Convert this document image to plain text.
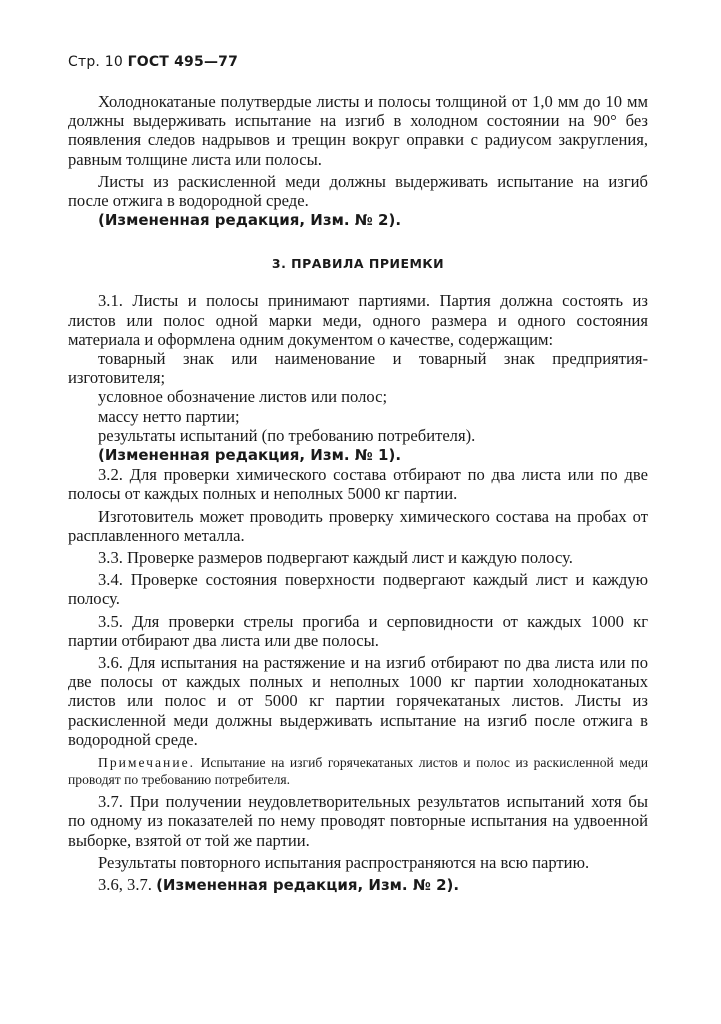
Стр. 10 ГОСТ 495—77

Холоднокатаные полутвердые листы и полосы толщиной от 1,0 мм до 10 мм должны выдерживать испытание на изгиб в холодном состоянии на 90° без появления следов надрывов и трещин вокруг оправки с радиусом закругления, равным толщине листа или полосы.

Листы из раскисленной меди должны выдерживать испытание на изгиб после отжига в водородной среде.

(Измененная редакция, Изм. № 2).

3. ПРАВИЛА ПРИЕМКИ

3.1. Листы и полосы принимают партиями. Партия должна состоять из листов или полос одной марки меди, одного размера и одного состояния материала и оформлена одним документом о качестве, содержащим:

товарный знак или наименование и товарный знак предприятия-изготовителя;

условное обозначение листов или полос;

массу нетто партии;

результаты испытаний (по требованию потребителя).

(Измененная редакция, Изм. № 1).

3.2. Для проверки химического состава отбирают по два листа или по две полосы от каждых полных и неполных 5000 кг партии.

Изготовитель может проводить проверку химического состава на пробах от расплавленного металла.

3.3. Проверке размеров подвергают каждый лист и каждую полосу.

3.4. Проверке состояния поверхности подвергают каждый лист и каждую полосу.

3.5. Для проверки стрелы прогиба и серповидности от каждых 1000 кг партии отбирают два листа или две полосы.

3.6. Для испытания на растяжение и на изгиб отбирают по два листа или по две полосы от каждых полных и неполных 1000 кг партии холоднокатаных листов или полос и от 5000 кг партии горячекатаных листов. Листы из раскисленной меди должны выдерживать испытание на изгиб после отжига в водородной среде.

Примечание. Испытание на изгиб горячекатаных листов и полос из раскисленной меди проводят по требованию потребителя.

3.7. При получении неудовлетворительных результатов испытаний хотя бы по одному из показателей по нему проводят повторные испытания на удвоенной выборке, взятой от той же партии.

Результаты повторного испытания распространяются на всю партию.

3.6, 3.7. (Измененная редакция, Изм. № 2).
